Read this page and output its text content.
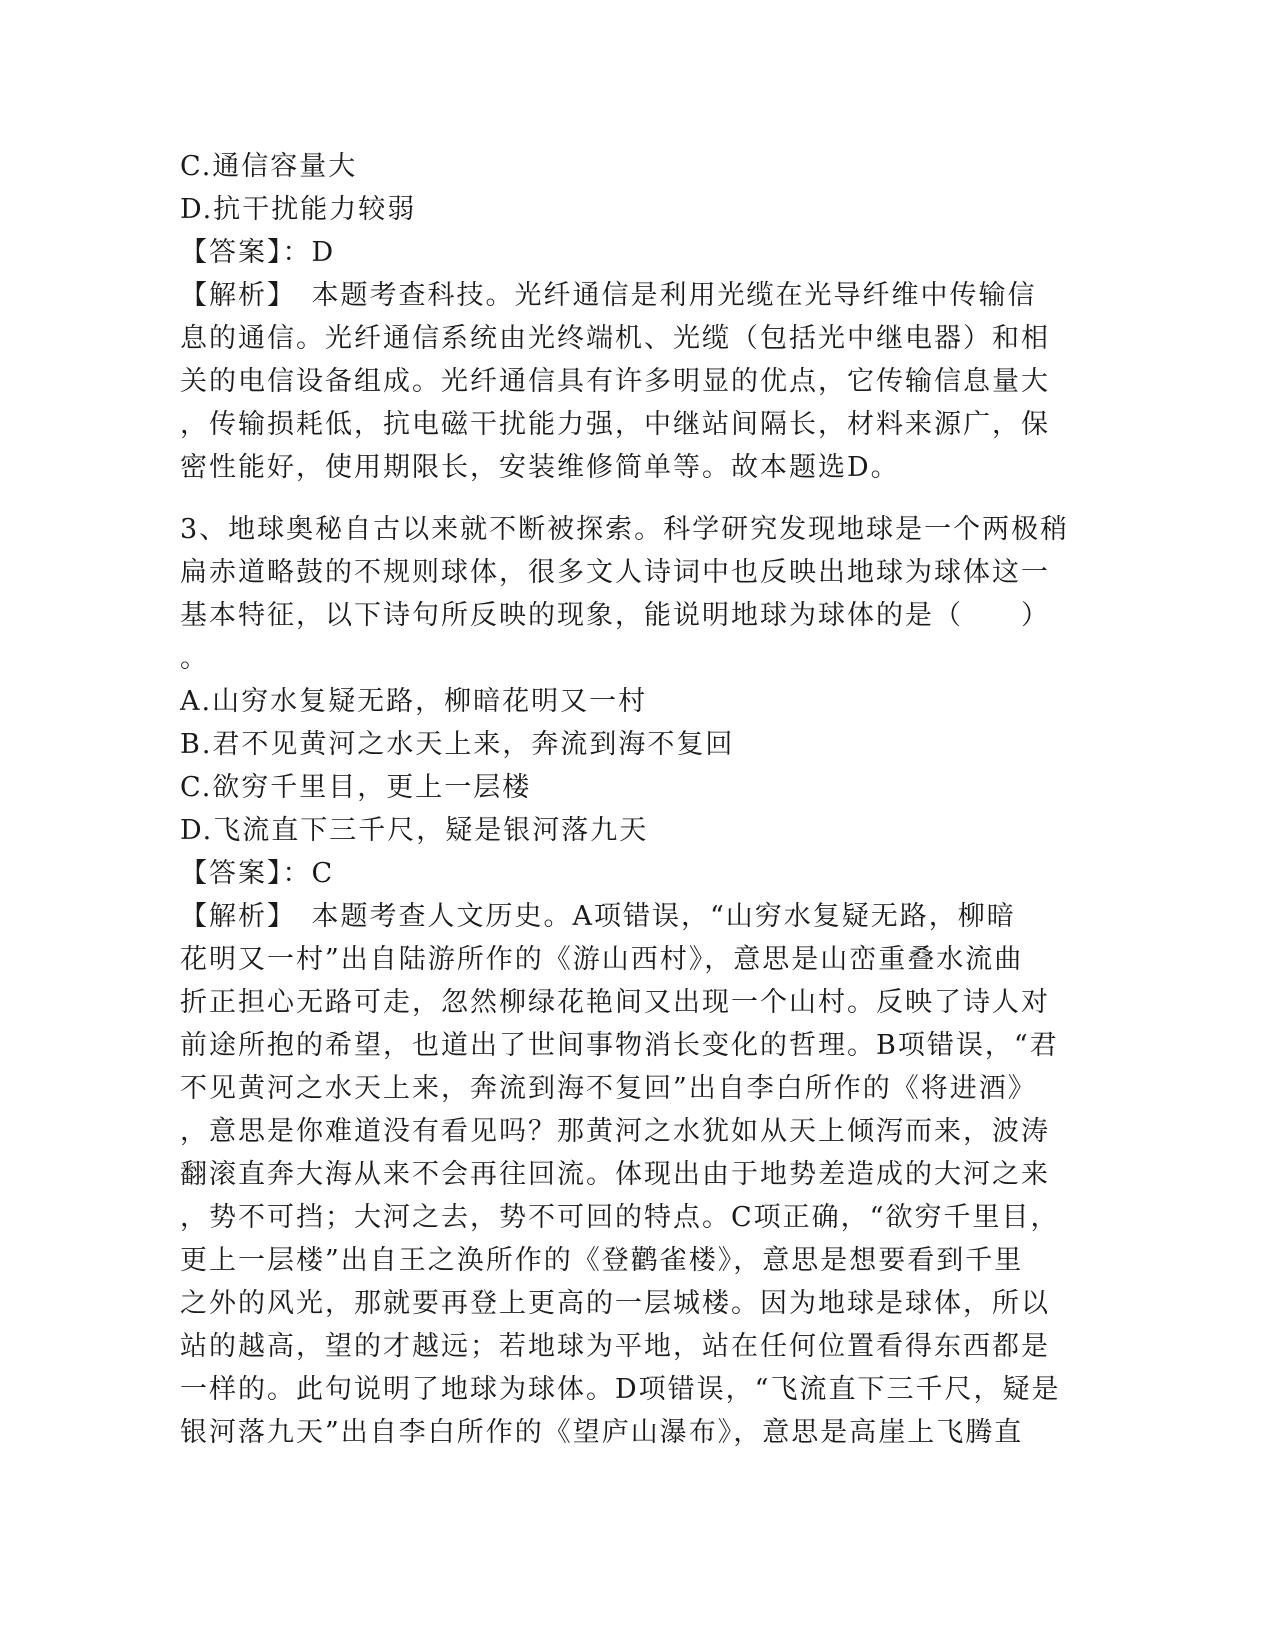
C.通信容量大
D.抗干扰能力较弱
【答案】：D
【解析】　本题考查科技。光纤通信是利用光缆在光导纤维中传输信
息的通信。光纤通信系统由光终端机、光缆（包括光中继电器）和相
关的电信设备组成。光纤通信具有许多明显的优点，它传输信息量大
，传输损耗低，抗电磁干扰能力强，中继站间隔长，材料来源广，保
密性能好，使用期限长，安装维修简单等。故本题选D。
3、地球奥秘自古以来就不断被探索。科学研究发现地球是一个两极稍
扁赤道略鼓的不规则球体，很多文人诗词中也反映出地球为球体这一
基本特征，以下诗句所反映的现象，能说明地球为球体的是（　　）
。
A.山穷水复疑无路，柳暗花明又一村
B.君不见黄河之水天上来，奔流到海不复回
C.欲穷千里目，更上一层楼
D.飞流直下三千尺，疑是银河落九天
【答案】：C
【解析】　本题考查人文历史。A项错误，“山穷水复疑无路，柳暗
花明又一村”出自陆游所作的《游山西村》，意思是山峦重叠水流曲
折正担心无路可走，忽然柳绿花艳间又出现一个山村。反映了诗人对
前途所抱的希望，也道出了世间事物消长变化的哲理。B项错误，“君
不见黄河之水天上来，奔流到海不复回”出自李白所作的《将进酒》
，意思是你难道没有看见吗？那黄河之水犹如从天上倾泻而来，波涛
翻滚直奔大海从来不会再往回流。体现出由于地势差造成的大河之来
，势不可挡；大河之去，势不可回的特点。C项正确，“欲穷千里目，
更上一层楼”出自王之涣所作的《登鹳雀楼》，意思是想要看到千里
之外的风光，那就要再登上更高的一层城楼。因为地球是球体，所以
站的越高，望的才越远；若地球为平地，站在任何位置看得东西都是
一样的。此句说明了地球为球体。D项错误，“飞流直下三千尺，疑是
银河落九天”出自李白所作的《望庐山瀑布》，意思是高崖上飞腾直
